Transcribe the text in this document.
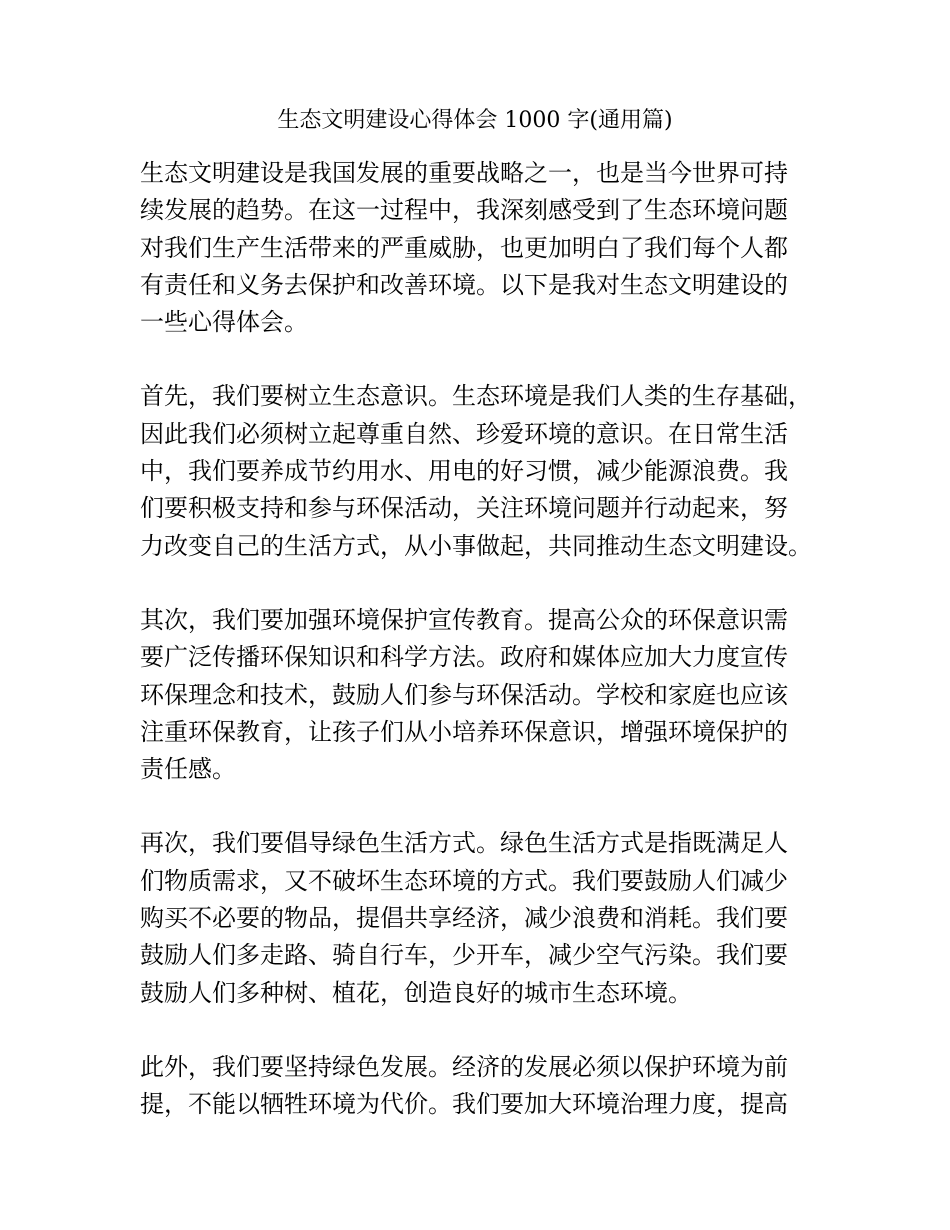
生态文明建设心得体会 1000 字(通用篇)
生态文明建设是我国发展的重要战略之一，也是当今世界可持
续发展的趋势。在这一过程中，我深刻感受到了生态环境问题
对我们生产生活带来的严重威胁，也更加明白了我们每个人都
有责任和义务去保护和改善环境。以下是我对生态文明建设的
一些心得体会。
首先，我们要树立生态意识。生态环境是我们人类的生存基础，
因此我们必须树立起尊重自然、珍爱环境的意识。在日常生活
中，我们要养成节约用水、用电的好习惯，减少能源浪费。我
们要积极支持和参与环保活动，关注环境问题并行动起来，努
力改变自己的生活方式，从小事做起，共同推动生态文明建设。
其次，我们要加强环境保护宣传教育。提高公众的环保意识需
要广泛传播环保知识和科学方法。政府和媒体应加大力度宣传
环保理念和技术，鼓励人们参与环保活动。学校和家庭也应该
注重环保教育，让孩子们从小培养环保意识，增强环境保护的
责任感。
再次，我们要倡导绿色生活方式。绿色生活方式是指既满足人
们物质需求，又不破坏生态环境的方式。我们要鼓励人们减少
购买不必要的物品，提倡共享经济，减少浪费和消耗。我们要
鼓励人们多走路、骑自行车，少开车，减少空气污染。我们要
鼓励人们多种树、植花，创造良好的城市生态环境。
此外，我们要坚持绿色发展。经济的发展必须以保护环境为前
提，不能以牺牲环境为代价。我们要加大环境治理力度，提高
